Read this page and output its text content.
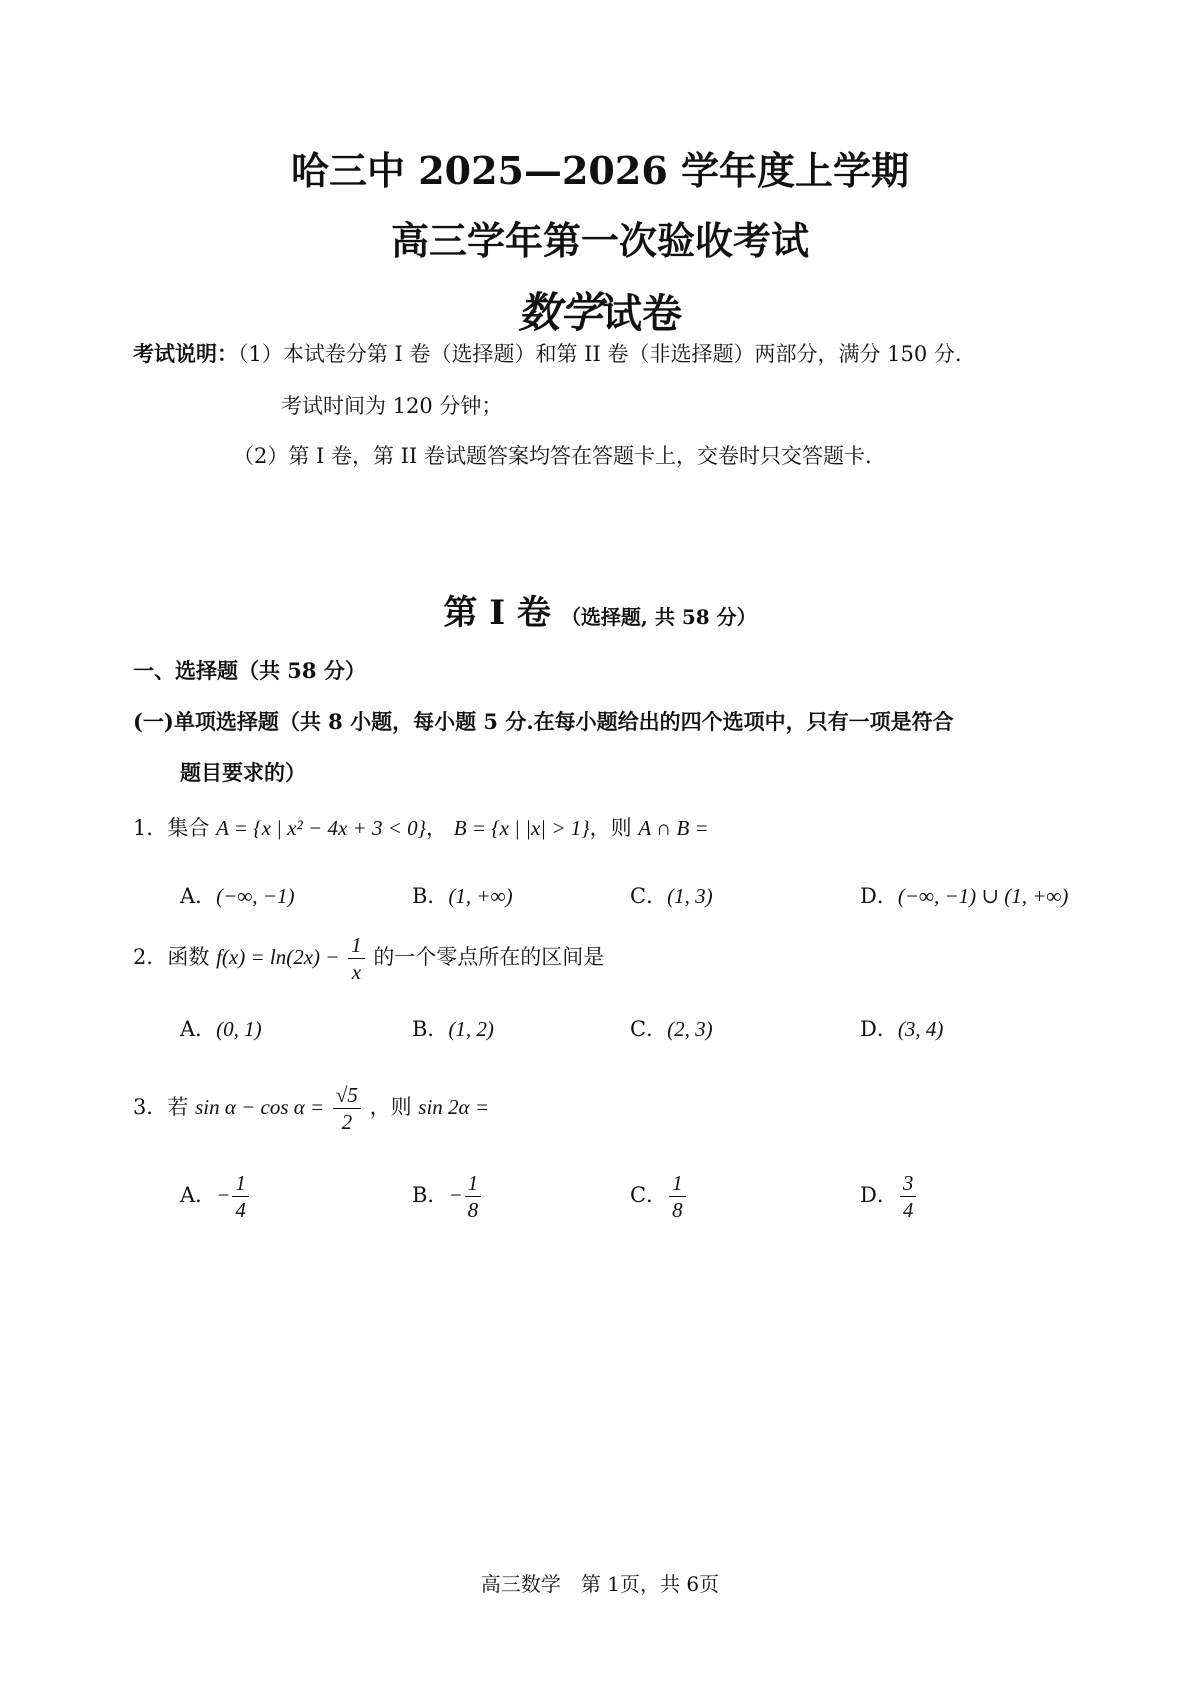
哈三中 2025—2026 学年度上学期
高三学年第一次验收考试
数学试卷
考试说明：（1）本试卷分第 I 卷（选择题）和第 II 卷（非选择题）两部分，满分 150 分.
考试时间为 120 分钟；
（2）第 I 卷，第 II 卷试题答案均答在答题卡上，交卷时只交答题卡.
第 I 卷 （选择题, 共 58 分）
一、选择题（共 58 分）
(一)单项选择题（共 8 小题，每小题 5 分.在每小题给出的四个选项中，只有一项是符合
题目要求的）
1．集合 A = {x | x² − 4x + 3 < 0}， B = {x | |x| > 1}，则 A ∩ B =
A．(−∞, −1)	B．(1, +∞)	C．(1, 3)	D．(−∞, −1) ∪ (1, +∞)
2．函数 $f(x) = \ln(2x) - \frac{1}{x}$ 的一个零点所在的区间是
A．(0, 1)	B．(1, 2)	C．(2, 3)	D．(3, 4)
3．若 $\sin \alpha - \cos \alpha = \frac{√5}{2}$ ，则 sin 2α =
A．− $\frac{1}{4}$	B．− $\frac{1}{8}$	C． $\frac{1}{8}$	D． $\frac{3}{4}$
高三数学　第 1页，共 6页
